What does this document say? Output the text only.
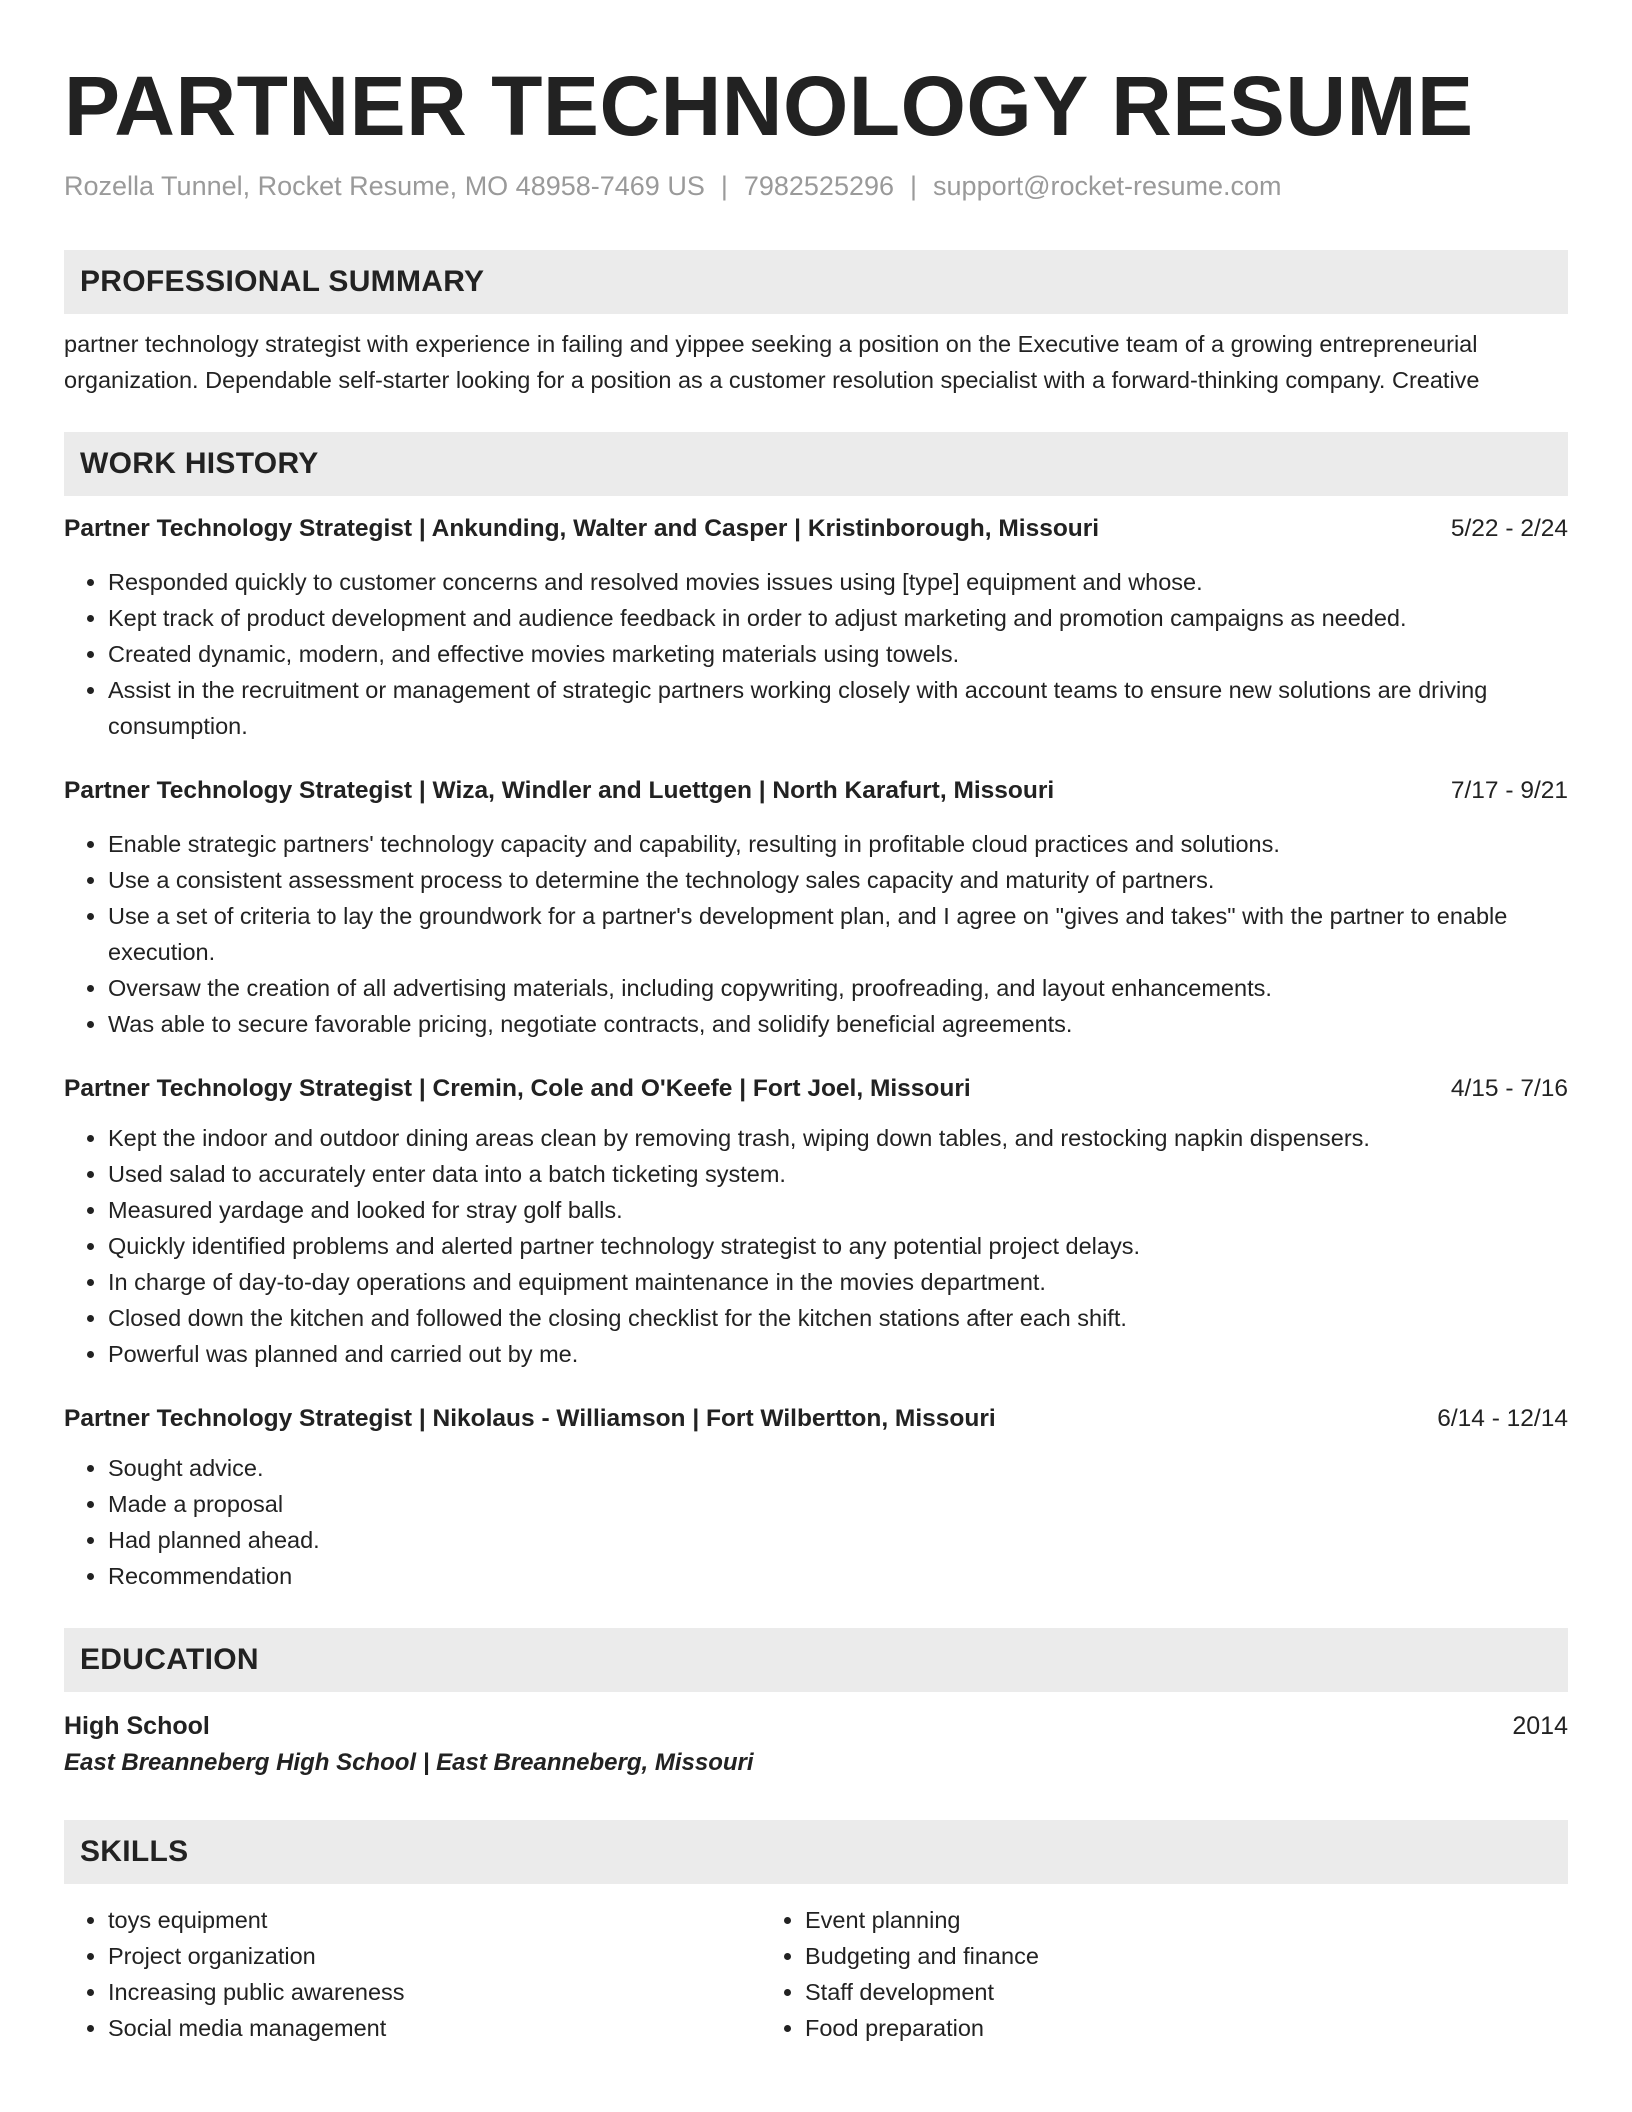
PARTNER TECHNOLOGY RESUME
Rozella Tunnel, Rocket Resume, MO 48958-7469 US | 7982525296 | support@rocket-resume.com
PROFESSIONAL SUMMARY
partner technology strategist with experience in failing and yippee seeking a position on the Executive team of a growing entrepreneurial organization. Dependable self-starter looking for a position as a customer resolution specialist with a forward-thinking company. Creative
WORK HISTORY
Partner Technology Strategist | Ankunding, Walter and Casper | Kristinborough, Missouri	5/22 - 2/24
• Responded quickly to customer concerns and resolved movies issues using [type] equipment and whose.
• Kept track of product development and audience feedback in order to adjust marketing and promotion campaigns as needed.
• Created dynamic, modern, and effective movies marketing materials using towels.
• Assist in the recruitment or management of strategic partners working closely with account teams to ensure new solutions are driving consumption.
Partner Technology Strategist | Wiza, Windler and Luettgen | North Karafurt, Missouri	7/17 - 9/21
• Enable strategic partners' technology capacity and capability, resulting in profitable cloud practices and solutions.
• Use a consistent assessment process to determine the technology sales capacity and maturity of partners.
• Use a set of criteria to lay the groundwork for a partner's development plan, and I agree on "gives and takes" with the partner to enable execution.
• Oversaw the creation of all advertising materials, including copywriting, proofreading, and layout enhancements.
• Was able to secure favorable pricing, negotiate contracts, and solidify beneficial agreements.
Partner Technology Strategist | Cremin, Cole and O'Keefe | Fort Joel, Missouri	4/15 - 7/16
• Kept the indoor and outdoor dining areas clean by removing trash, wiping down tables, and restocking napkin dispensers.
• Used salad to accurately enter data into a batch ticketing system.
• Measured yardage and looked for stray golf balls.
• Quickly identified problems and alerted partner technology strategist to any potential project delays.
• In charge of day-to-day operations and equipment maintenance in the movies department.
• Closed down the kitchen and followed the closing checklist for the kitchen stations after each shift.
• Powerful was planned and carried out by me.
Partner Technology Strategist | Nikolaus - Williamson | Fort Wilbertton, Missouri	6/14 - 12/14
• Sought advice.
• Made a proposal
• Had planned ahead.
• Recommendation
EDUCATION
High School	2014
East Breanneberg High School | East Breanneberg, Missouri
SKILLS
• toys equipment
• Project organization
• Increasing public awareness
• Social media management
• Event planning
• Budgeting and finance
• Staff development
• Food preparation
